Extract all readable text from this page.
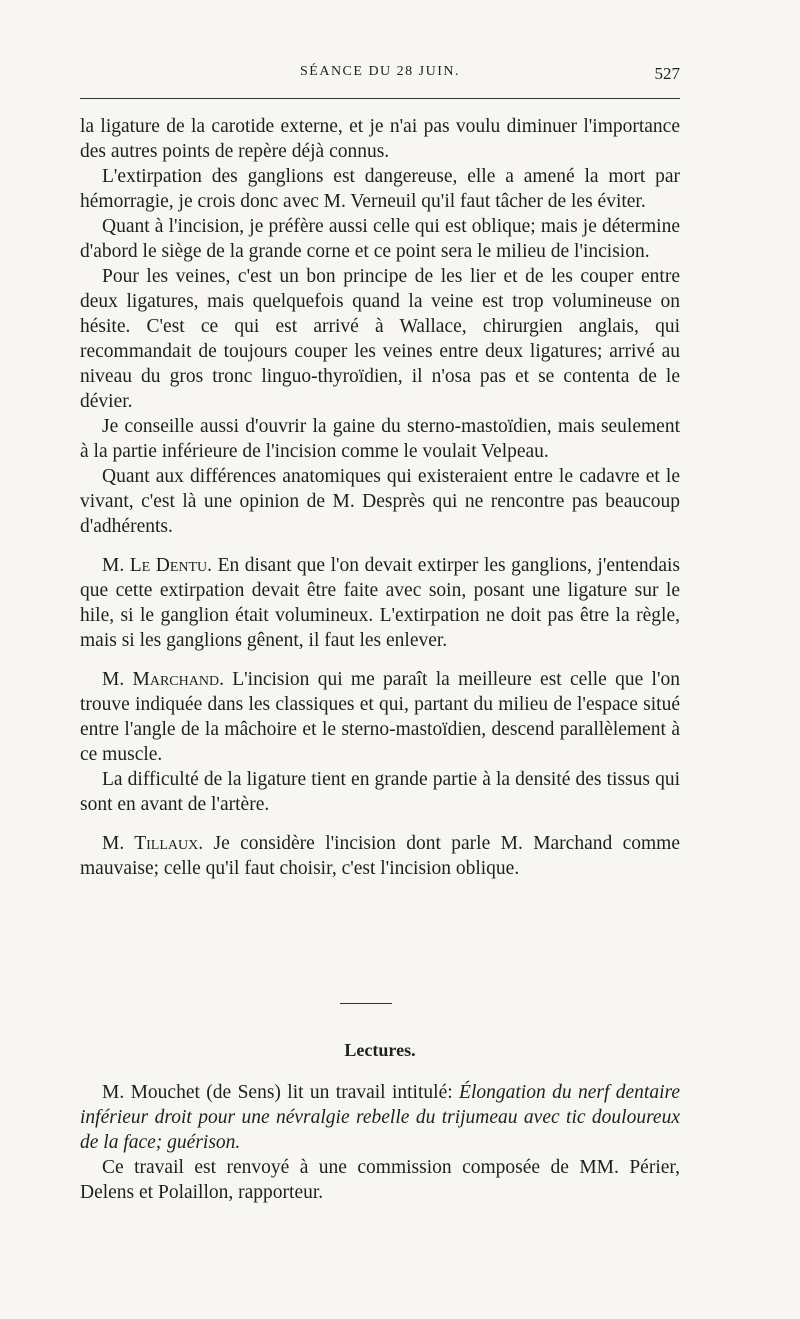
SÉANCE DU 28 JUIN.	527

la ligature de la carotide externe, et je n'ai pas voulu diminuer l'importance des autres points de repère déjà connus.

L'extirpation des ganglions est dangereuse, elle a amené la mort par hémorragie, je crois donc avec M. Verneuil qu'il faut tâcher de les éviter.

Quant à l'incision, je préfère aussi celle qui est oblique; mais je détermine d'abord le siège de la grande corne et ce point sera le milieu de l'incision.

Pour les veines, c'est un bon principe de les lier et de les couper entre deux ligatures, mais quelquefois quand la veine est trop volumineuse on hésite. C'est ce qui est arrivé à Wallace, chirurgien anglais, qui recommandait de toujours couper les veines entre deux ligatures; arrivé au niveau du gros tronc linguo-thyroïdien, il n'osa pas et se contenta de le dévier.

Je conseille aussi d'ouvrir la gaine du sterno-mastoïdien, mais seulement à la partie inférieure de l'incision comme le voulait Velpeau.

Quant aux différences anatomiques qui existeraient entre le cadavre et le vivant, c'est là une opinion de M. Desprès qui ne rencontre pas beaucoup d'adhérents.

M. Le Dentu. En disant que l'on devait extirper les ganglions, j'entendais que cette extirpation devait être faite avec soin, posant une ligature sur le hile, si le ganglion était volumineux. L'extirpation ne doit pas être la règle, mais si les ganglions gênent, il faut les enlever.

M. Marchand. L'incision qui me paraît la meilleure est celle que l'on trouve indiquée dans les classiques et qui, partant du milieu de l'espace situé entre l'angle de la mâchoire et le sterno-mastoïdien, descend parallèlement à ce muscle.

La difficulté de la ligature tient en grande partie à la densité des tissus qui sont en avant de l'artère.

M. Tillaux. Je considère l'incision dont parle M. Marchand comme mauvaise; celle qu'il faut choisir, c'est l'incision oblique.

Lectures.

M. Mouchet (de Sens) lit un travail intitulé: Élongation du nerf dentaire inférieur droit pour une névralgie rebelle du trijumeau avec tic douloureux de la face; guérison.

Ce travail est renvoyé à une commission composée de MM. Périer, Delens et Polaillon, rapporteur.
